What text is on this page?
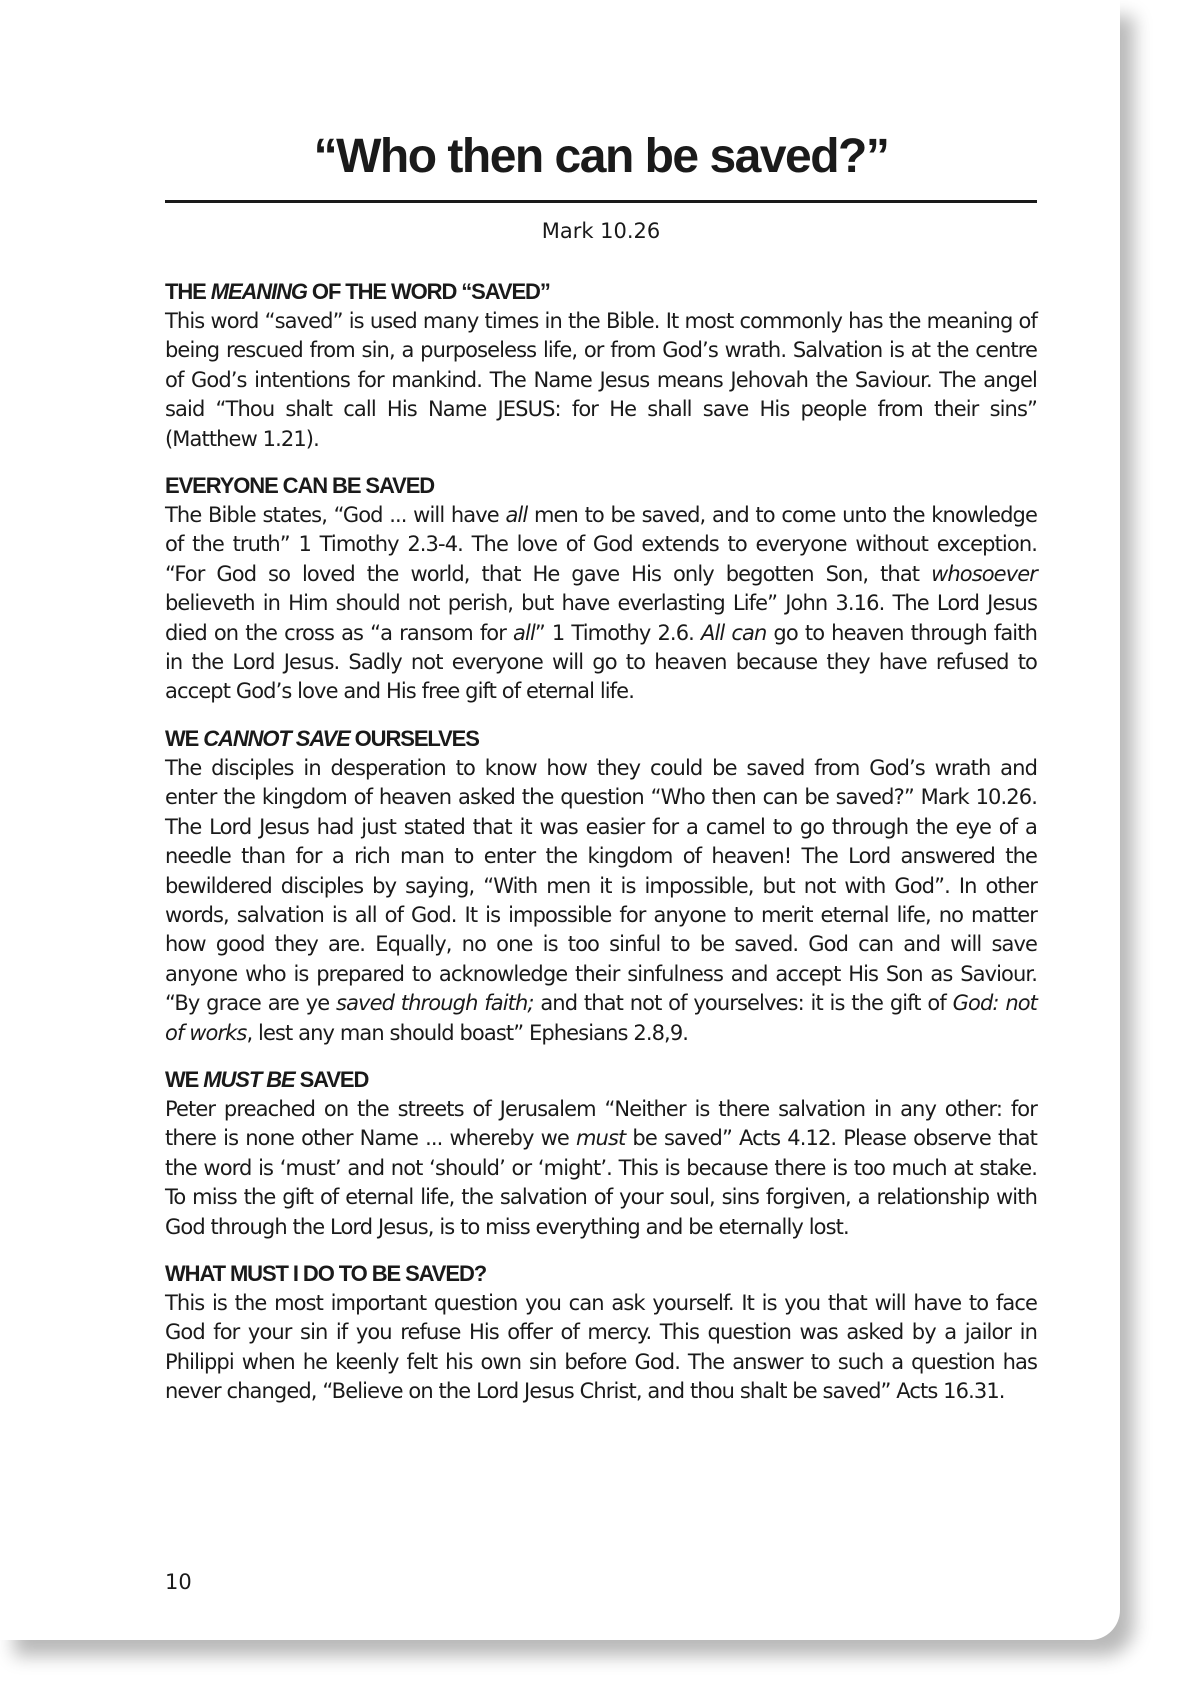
“Who then can be saved?”
Mark 10.26
THE MEANING OF THE WORD “SAVED”
This word “saved” is used many times in the Bible. It most commonly has the meaning of being rescued from sin, a purposeless life, or from God’s wrath. Salvation is at the centre of God’s intentions for mankind. The Name Jesus means Jehovah the Saviour. The angel said “Thou shalt call His Name JESUS: for He shall save His people from their sins” (Matthew 1.21).
EVERYONE CAN BE SAVED
The Bible states, “God ... will have all men to be saved, and to come unto the knowledge of the truth” 1 Timothy 2.3-4. The love of God extends to everyone without exception. “For God so loved the world, that He gave His only begotten Son, that whosoever believeth in Him should not perish, but have everlasting Life” John 3.16. The Lord Jesus died on the cross as “a ransom for all” 1 Timothy 2.6. All can go to heaven through faith in the Lord Jesus. Sadly not everyone will go to heaven because they have refused to accept God’s love and His free gift of eternal life.
WE CANNOT SAVE OURSELVES
The disciples in desperation to know how they could be saved from God’s wrath and enter the kingdom of heaven asked the question “Who then can be saved?” Mark 10.26. The Lord Jesus had just stated that it was easier for a camel to go through the eye of a needle than for a rich man to enter the kingdom of heaven! The Lord answered the bewildered disciples by saying, “With men it is impossible, but not with God”. In other words, salvation is all of God. It is impossible for anyone to merit eternal life, no matter how good they are. Equally, no one is too sinful to be saved. God can and will save anyone who is prepared to acknowledge their sinfulness and accept His Son as Saviour. “By grace are ye saved through faith; and that not of yourselves: it is the gift of God: not of works, lest any man should boast” Ephesians 2.8,9.
WE MUST BE SAVED
Peter preached on the streets of Jerusalem “Neither is there salvation in any other: for there is none other Name ... whereby we must be saved” Acts 4.12. Please observe that the word is ‘must’ and not ‘should’ or ‘might’. This is because there is too much at stake. To miss the gift of eternal life, the salvation of your soul, sins forgiven, a relationship with God through the Lord Jesus, is to miss everything and be eternally lost.
WHAT MUST I DO TO BE SAVED?
This is the most important question you can ask yourself. It is you that will have to face God for your sin if you refuse His offer of mercy. This question was asked by a jailor in Philippi when he keenly felt his own sin before God. The answer to such a question has never changed, “Believe on the Lord Jesus Christ, and thou shalt be saved” Acts 16.31.
10
